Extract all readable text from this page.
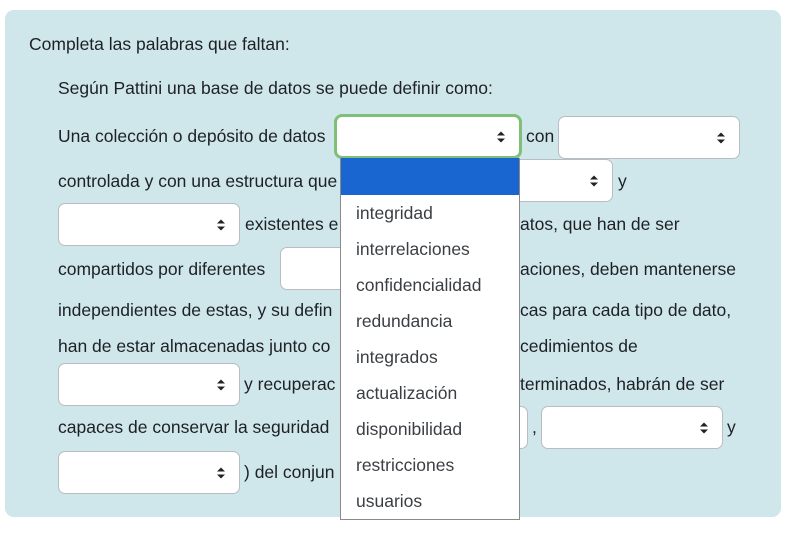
Completa las palabras que faltan:
Según Pattini una base de datos se puede definir como:
Una colección o depósito de datos	con
controlada y con una estructura que	y
existentes e	atos, que han de ser
compartidos por diferentes	aciones, deben mantenerse
independientes de estas, y su defin	cas para cada tipo de dato,
han de estar almacenadas junto co	cedimientos de
y recuperac	terminados, habrán de ser
capaces de conservar la seguridad	,	y
) del conjun
integridad
interrelaciones
confidencialidad
redundancia
integrados
actualización
disponibilidad
restricciones
usuarios
